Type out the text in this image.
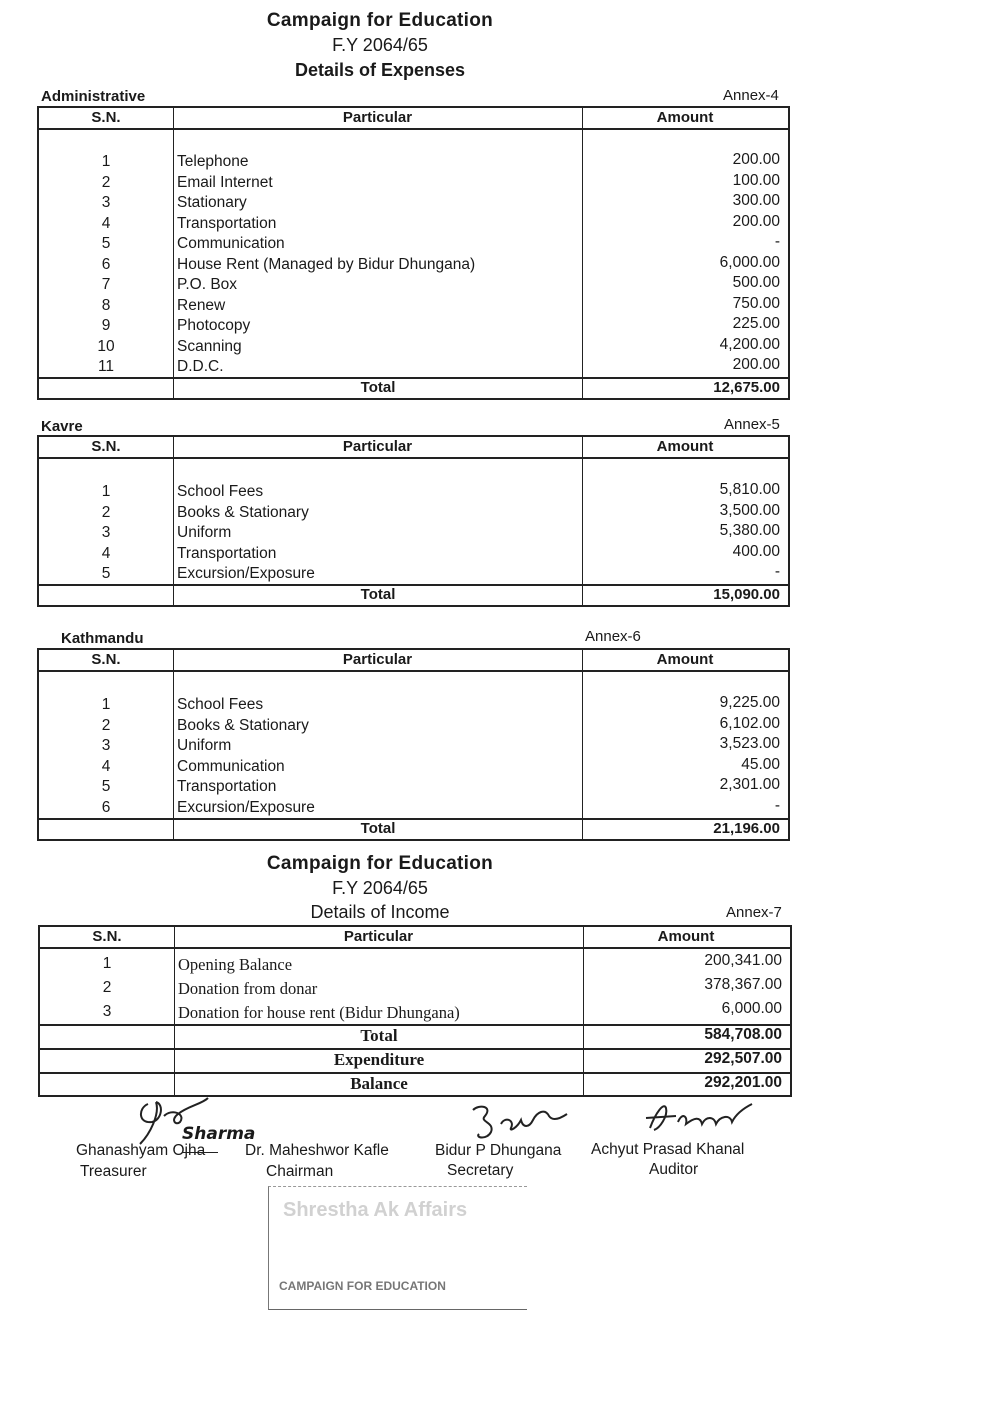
Campaign for Education
F.Y 2064/65
Details of Expenses
Administrative	Annex-4
S.N.	Particular	Amount
1	Telephone	200.00
2	Email Internet	100.00
3	Stationary	300.00
4	Transportation	200.00
5	Communication	-
6	House Rent (Managed by Bidur Dhungana)	6,000.00
7	P.O. Box	500.00
8	Renew	750.00
9	Photocopy	225.00
10	Scanning	4,200.00
11	D.D.C.	200.00
Total	12,675.00
Kavre	Annex-5
S.N.	Particular	Amount
1	School Fees	5,810.00
2	Books & Stationary	3,500.00
3	Uniform	5,380.00
4	Transportation	400.00
5	Excursion/Exposure	-
Total	15,090.00
Kathmandu	Annex-6
S.N.	Particular	Amount
1	School Fees	9,225.00
2	Books & Stationary	6,102.00
3	Uniform	3,523.00
4	Communication	45.00
5	Transportation	2,301.00
6	Excursion/Exposure	-
Total	21,196.00
Campaign for Education
F.Y 2064/65
Details of Income	Annex-7
S.N.	Particular	Amount
1	Opening Balance	200,341.00
2	Donation from donar	378,367.00
3	Donation for house rent (Bidur Dhungana)	6,000.00
Total	584,708.00
Expenditure	292,507.00
Balance	292,201.00
Sharma
Ghanashyam Ojha
Treasurer
Dr. Maheshwor Kafle
Chairman
Bidur P Dhungana
Secretary
Achyut Prasad Khanal
Auditor
Shrestha Ak Affairs
CAMPAIGN FOR EDUCATION
